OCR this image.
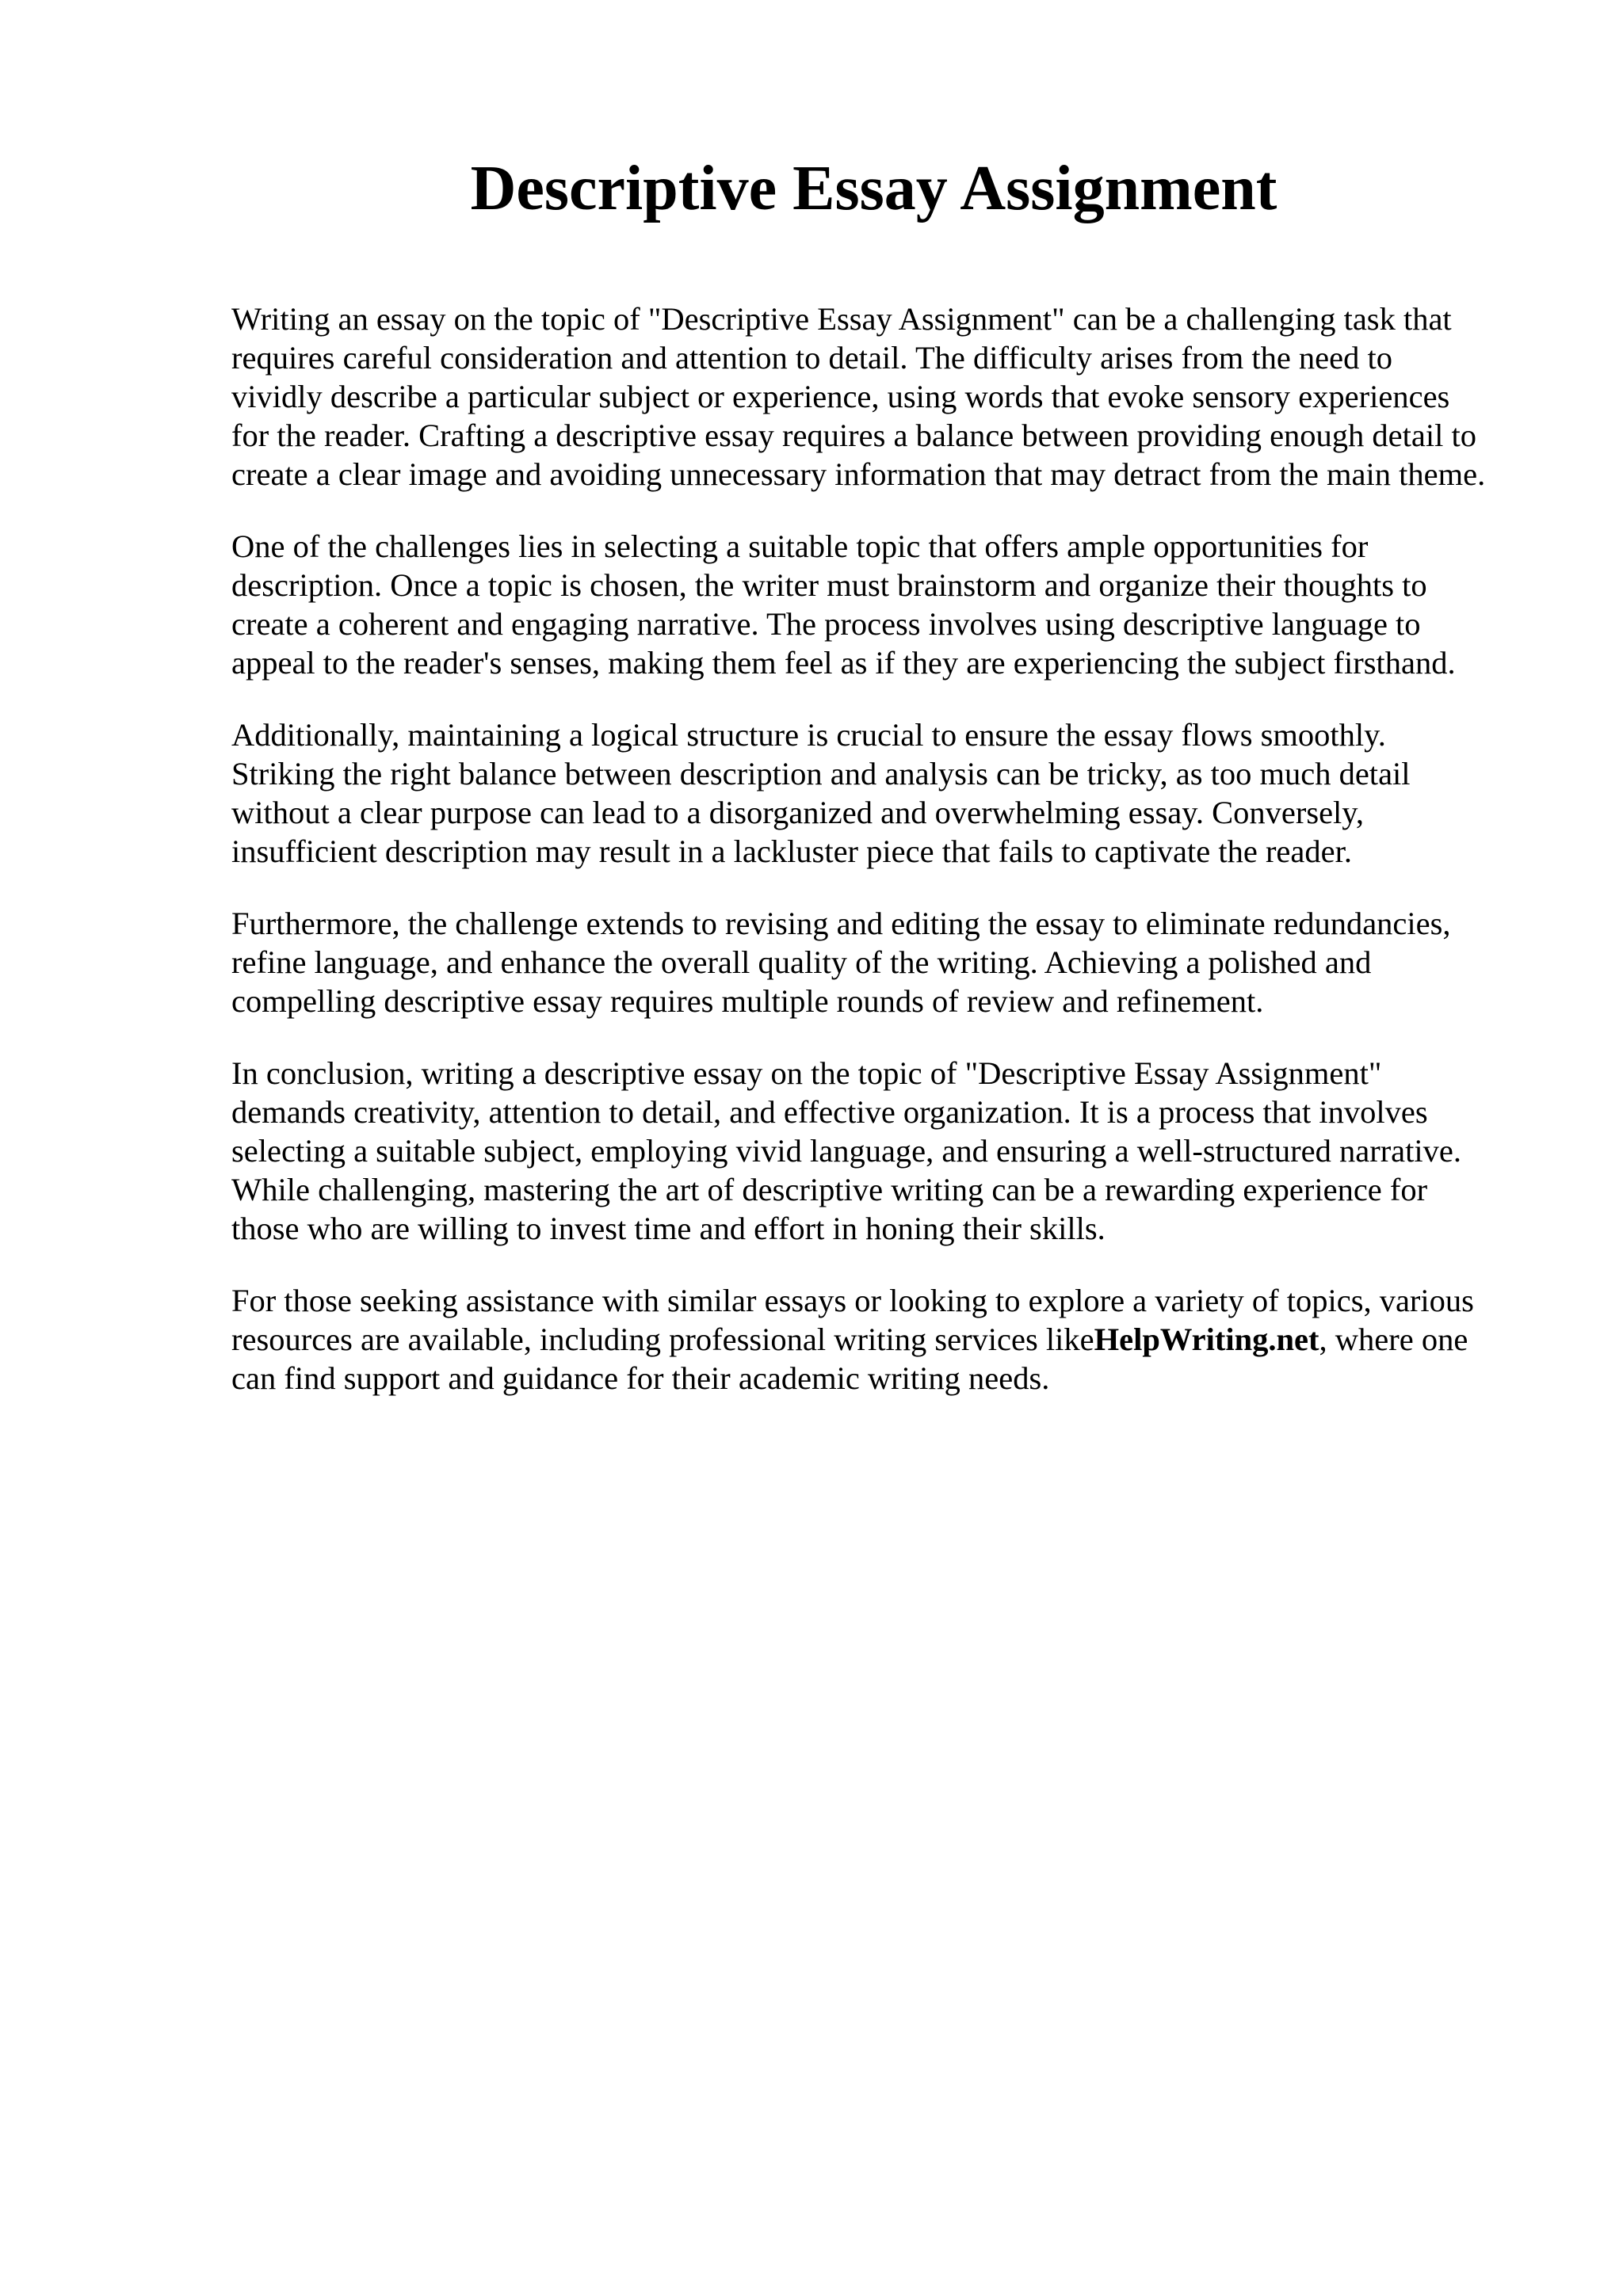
Descriptive Essay Assignment

Writing an essay on the topic of "Descriptive Essay Assignment" can be a challenging task that
requires careful consideration and attention to detail. The difficulty arises from the need to
vividly describe a particular subject or experience, using words that evoke sensory experiences
for the reader. Crafting a descriptive essay requires a balance between providing enough detail to
create a clear image and avoiding unnecessary information that may detract from the main theme.

One of the challenges lies in selecting a suitable topic that offers ample opportunities for
description. Once a topic is chosen, the writer must brainstorm and organize their thoughts to
create a coherent and engaging narrative. The process involves using descriptive language to
appeal to the reader's senses, making them feel as if they are experiencing the subject firsthand.

Additionally, maintaining a logical structure is crucial to ensure the essay flows smoothly.
Striking the right balance between description and analysis can be tricky, as too much detail
without a clear purpose can lead to a disorganized and overwhelming essay. Conversely,
insufficient description may result in a lackluster piece that fails to captivate the reader.

Furthermore, the challenge extends to revising and editing the essay to eliminate redundancies,
refine language, and enhance the overall quality of the writing. Achieving a polished and
compelling descriptive essay requires multiple rounds of review and refinement.

In conclusion, writing a descriptive essay on the topic of "Descriptive Essay Assignment"
demands creativity, attention to detail, and effective organization. It is a process that involves
selecting a suitable subject, employing vivid language, and ensuring a well-structured narrative.
While challenging, mastering the art of descriptive writing can be a rewarding experience for
those who are willing to invest time and effort in honing their skills.

For those seeking assistance with similar essays or looking to explore a variety of topics, various
resources are available, including professional writing services likeHelpWriting.net, where one
can find support and guidance for their academic writing needs.
